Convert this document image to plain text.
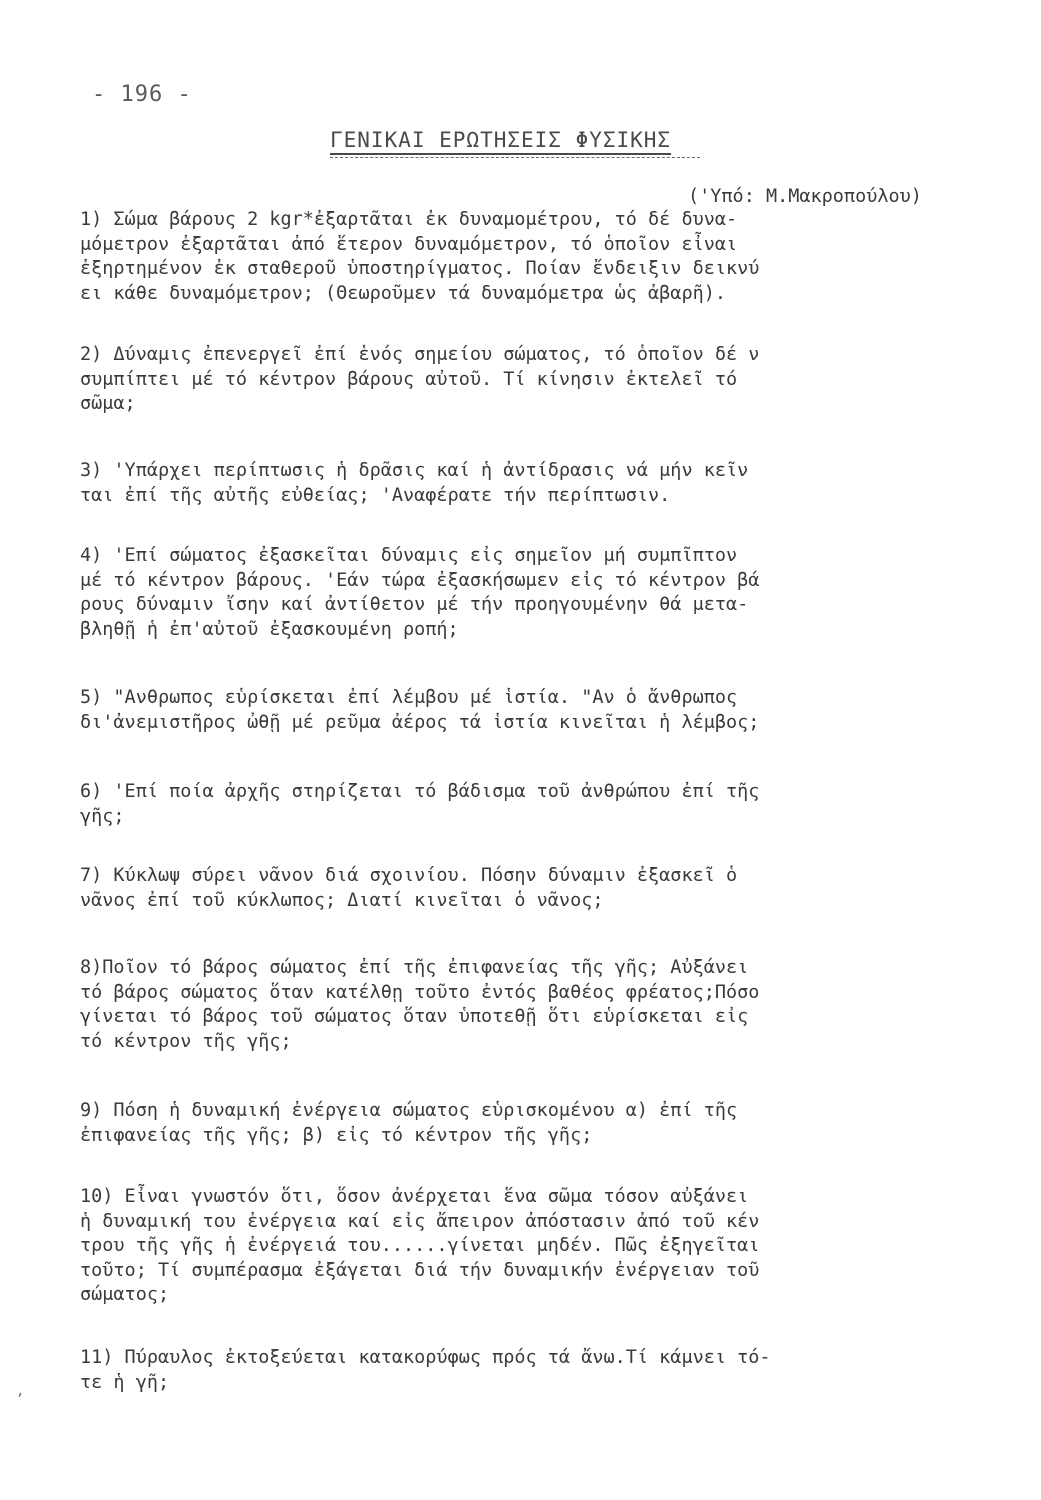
- 196 -
ΓΕΝΙΚΑΙ ΕΡΩΤΗΣΕΙΣ ΦΥΣΙΚΗΣ
('Υπό: Μ.Μακροπούλου)

1) Σώμα βάρους 2 kgr*ἐξαρτᾶται ἐκ δυναμομέτρου, τό δέ δυνα-
μόμετρον ἐξαρτᾶται ἀπό ἕτερον δυναμόμετρον, τό ὁποῖον εἶναι
ἐξηρτημένον ἐκ σταθεροῦ ὑποστηρίγματος. Ποίαν ἔνδειξιν δεικνύ
ει κάθε δυναμόμετρον; (Θεωροῦμεν τά δυναμόμετρα ὡς ἀβαρῆ).

2) Δύναμις ἐπενεργεῖ ἐπί ἑνός σημείου σώματος, τό ὁποῖον δέ ν
συμπίπτει μέ τό κέντρον βάρους αὐτοῦ. Τί κίνησιν ἐκτελεῖ τό
σῶμα;

3) 'Υπάρχει περίπτωσις ἡ δρᾶσις καί ἡ ἀντίδρασις νά μήν κεῖν
ται ἐπί τῆς αὐτῆς εὐθείας; 'Αναφέρατε τήν περίπτωσιν.

4) 'Επί σώματος ἐξασκεῖται δύναμις εἰς σημεῖον μή συμπῖπτον
μέ τό κέντρον βάρους. 'Εάν τώρα ἐξασκήσωμεν εἰς τό κέντρον βά
ρους δύναμιν ἴσην καί ἀντίθετον μέ τήν προηγουμένην θά μετα-
βληθῇ ἡ ἐπ'αὐτοῦ ἐξασκουμένη ροπή;

5) "Ανθρωπος εὑρίσκεται ἐπί λέμβου μέ ἱστία. "Αν ὁ ἄνθρωπος
δι'ἀνεμιστῆρος ὠθῇ μέ ρεῦμα ἀέρος τά ἱστία κινεῖται ἡ λέμβος;

6) 'Επί ποία ἀρχῆς στηρίζεται τό βάδισμα τοῦ ἀνθρώπου ἐπί τῆς
γῆς;

7) Κύκλωψ σύρει νᾶνον διά σχοινίου. Πόσην δύναμιν ἐξασκεῖ ὁ
νᾶνος ἐπί τοῦ κύκλωπος; Διατί κινεῖται ὁ νᾶνος;

8)Ποῖον τό βάρος σώματος ἐπί τῆς ἐπιφανείας τῆς γῆς; Αὐξάνει
τό βάρος σώματος ὅταν κατέλθῃ τοῦτο ἐντός βαθέος φρέατος;Πόσο
γίνεται τό βάρος τοῦ σώματος ὅταν ὑποτεθῇ ὅτι εὑρίσκεται εἰς
τό κέντρον τῆς γῆς;

9) Πόση ἡ δυναμική ἐνέργεια σώματος εὑρισκομένου α) ἐπί τῆς
ἐπιφανείας τῆς γῆς; β) εἰς τό κέντρον τῆς γῆς;

10) Εἶναι γνωστόν ὅτι, ὅσον ἀνέρχεται ἕνα σῶμα τόσον αὐξάνει
ἡ δυναμική του ἐνέργεια καί εἰς ἄπειρον ἀπόστασιν ἀπό τοῦ κέν
τρου τῆς γῆς ἡ ἐνέργειά του......γίνεται μηδέν. Πῶς ἐξηγεῖται
τοῦτο; Τί συμπέρασμα ἐξάγεται διά τήν δυναμικήν ἐνέργειαν τοῦ
σώματος;

11) Πύραυλος ἐκτοξεύεται κατακορύφως πρός τά ἄνω.Τί κάμνει τό-
τε ἡ γῆ;

,
